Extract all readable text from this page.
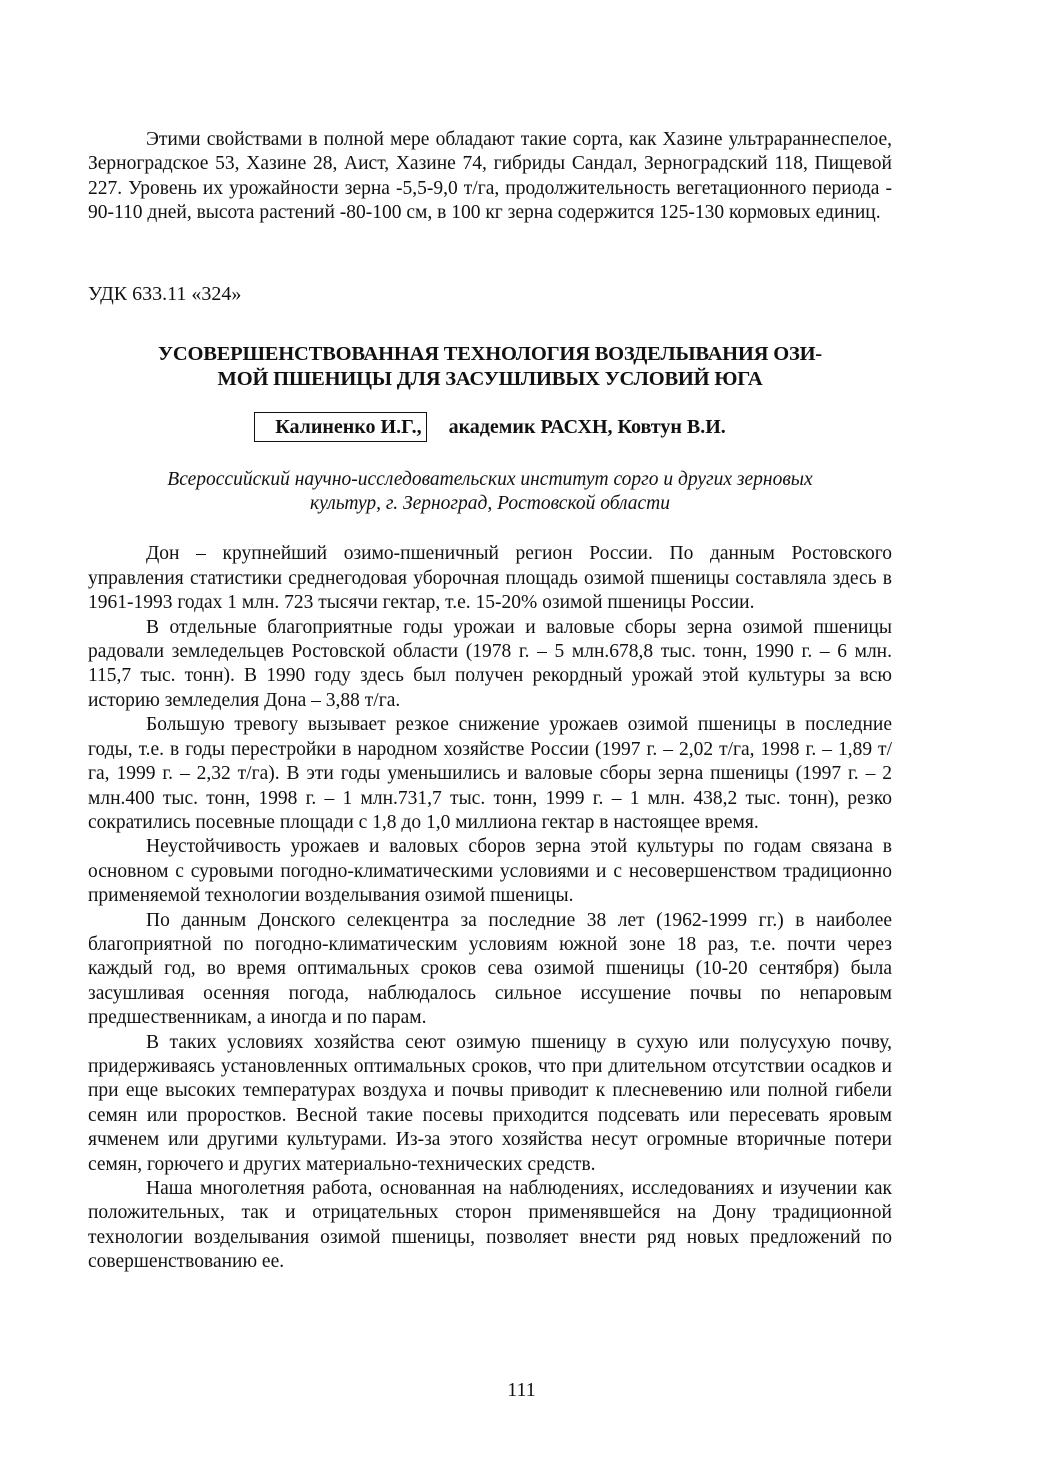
Этими свойствами в полной мере обладают такие сорта, как Хазине ультрараннеспелое, Зерноградское 53, Хазине 28, Аист, Хазине 74, гибриды Сандал, Зерноградский 118, Пищевой 227. Уровень их урожайности зерна -5,5-9,0 т/га, продолжительность вегетационного периода - 90-110 дней, высота растений -80-100 см, в 100 кг зерна содержится 125-130 кормовых единиц.

УДК 633.11 «324»

УСОВЕРШЕНСТВОВАННАЯ ТЕХНОЛОГИЯ ВОЗДЕЛЫВАНИЯ ОЗИ-
МОЙ ПШЕНИЦЫ ДЛЯ ЗАСУШЛИВЫХ УСЛОВИЙ ЮГА
Калиненко И.Г., академик РАСХН, Ковтун В.И.
Всероссийский научно-исследовательских институт сорго и других зерновых
культур, г. Зерноград, Ростовской области

Дон – крупнейший озимо-пшеничный регион России. По данным Ростовского управления статистики среднегодовая уборочная площадь озимой пшеницы составляла здесь в 1961-1993 годах 1 млн. 723 тысячи гектар, т.е. 15-20% озимой пшеницы России.

В отдельные благоприятные годы урожаи и валовые сборы зерна озимой пшеницы радовали земледельцев Ростовской области (1978 г. – 5 млн.678,8 тыс. тонн, 1990 г. – 6 млн. 115,7 тыс. тонн). В 1990 году здесь был получен рекордный урожай этой культуры за всю историю земледелия Дона – 3,88 т/га.

Большую тревогу вызывает резкое снижение урожаев озимой пшеницы в последние годы, т.е. в годы перестройки в народном хозяйстве России (1997 г. – 2,02 т/га, 1998 г. – 1,89 т/га, 1999 г. – 2,32 т/га). В эти годы уменьшились и валовые сборы зерна пшеницы (1997 г. – 2 млн.400 тыс. тонн, 1998 г. – 1 млн.731,7 тыс. тонн, 1999 г. – 1 млн. 438,2 тыс. тонн), резко сократились посевные площади с 1,8 до 1,0 миллиона гектар в настоящее время.

Неустойчивость урожаев и валовых сборов зерна этой культуры по годам связана в основном с суровыми погодно-климатическими условиями и с несовершенством традиционно применяемой технологии возделывания озимой пшеницы.

По данным Донского селекцентра за последние 38 лет (1962-1999 гг.) в наиболее благоприятной по погодно-климатическим условиям южной зоне 18 раз, т.е. почти через каждый год, во время оптимальных сроков сева озимой пшеницы (10-20 сентября) была засушливая осенняя погода, наблюдалось сильное иссушение почвы по непаровым предшественникам, а иногда и по парам.

В таких условиях хозяйства сеют озимую пшеницу в сухую или полусухую почву, придерживаясь установленных оптимальных сроков, что при длительном отсутствии осадков и при еще высоких температурах воздуха и почвы приводит к плесневению или полной гибели семян или проростков. Весной такие посевы приходится подсевать или пересевать яровым ячменем или другими культурами. Из-за этого хозяйства несут огромные вторичные потери семян, горючего и других материально-технических средств.

Наша многолетняя работа, основанная на наблюдениях, исследованиях и изучении как положительных, так и отрицательных сторон применявшейся на Дону традиционной технологии возделывания озимой пшеницы, позволяет внести ряд новых предложений по совершенствованию ее.

111
